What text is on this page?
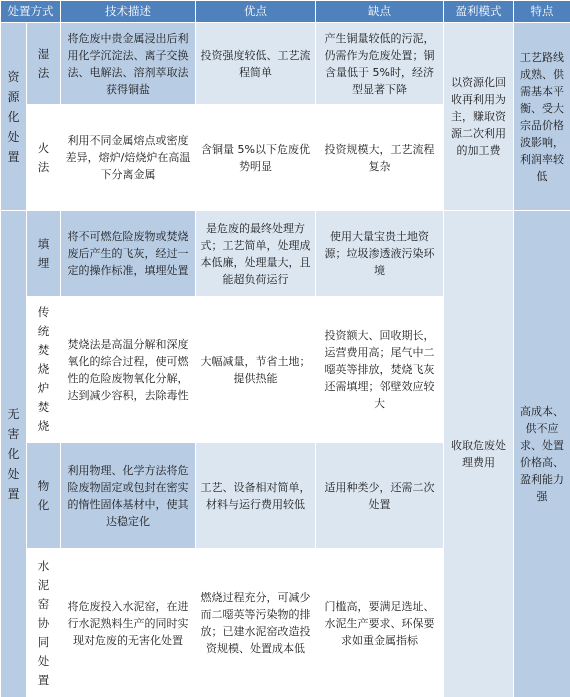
处置方式		技术描述	优点	缺点	盈利模式	特点
资源化处置	湿法	将危废中贵金属浸出后利用化学沉淀法、离子交换法、电解法、溶剂萃取法获得铜盐	投资强度较低、工艺流程简单	产生铜量较低的污泥，仍需作为危废处置；铜含量低于 5%时，经济型显著下降	以资源化回收再利用为主，赚取资源二次利用的加工费	工艺路线成熟、供需基本平衡、受大宗品价格波影响，利润率较低
	火法	利用不同金属熔点或密度差异，熔炉/焙烧炉在高温下分离金属	含铜量 5%以下危废优势明显	投资规模大，工艺流程复杂		
无害化处置	填埋	将不可燃危险废物或焚烧废后产生的飞灰，经过一定的操作标准，填埋处置	是危废的最终处理方式；工艺简单，处理成本低廉，处理量大，且能超负荷运行	使用大量宝贵土地资源；垃圾渗透液污染环境	收取危废处理费用	高成本、供不应求、处置价格高、盈利能力强
	传统焚烧炉焚烧	焚烧法是高温分解和深度氧化的综合过程，使可燃性的危险废物氧化分解，达到减少容积，去除毒性	大幅减量，节省土地；提供热能	投资额大、回收期长，运营费用高；尾气中二噁英等排放，焚烧飞灰还需填埋；邻壁效应较大		
	物化	利用物理、化学方法将危险废物固定或包封在密实的惰性固体基材中，使其达稳定化	工艺、设备相对简单，材料与运行费用较低	适用种类少，还需二次处置		
	水泥窑协同处置	将危废投入水泥窑，在进行水泥熟料生产的同时实现对危废的无害化处置	燃烧过程充分，可减少而二噁英等污染物的排放；已建水泥窑改造投资规模、处置成本低	门槛高，要满足选址、水泥生产要求、环保要求如重金属指标		
